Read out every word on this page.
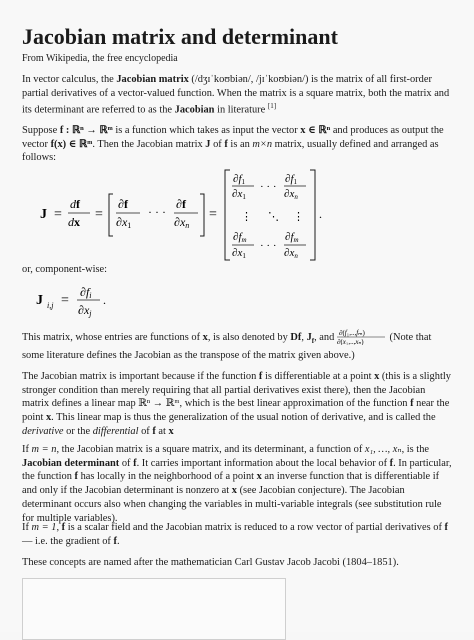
Jacobian matrix and determinant
From Wikipedia, the free encyclopedia

In vector calculus, the Jacobian matrix (/dʒɪˈkoʊbiən/, /jɪˈkoʊbiən/) is the matrix of all first-order partial derivatives of a vector-valued function. When the matrix is a square matrix, both the matrix and its determinant are referred to as the Jacobian in literature [1]

Suppose f : ℝⁿ → ℝᵐ is a function which takes as input the vector x ∈ ℝⁿ and produces as output the vector f(x) ∈ ℝᵐ. Then the Jacobian matrix J of f is an m×n matrix, usually defined and arranged as follows:

J =
df
dx =
∂f
∂x1
· · ·
∂f
∂xn
=
∂f1
∂x1
· · ·
∂f1
∂xn
⋮ ⋱ ⋮
∂fm
∂x1
· · ·
∂fm
∂xn
.

or, component-wise:

J i,j =
∂fi
∂xj
.

This matrix, whose entries are functions of x, is also denoted by Df, $J_f$, and ∂(f₁,..,fₘ)
∂(x₁,..,xₙ) (Note that some literature defines the Jacobian as the transpose of the matrix given above.)

The Jacobian matrix is important because if the function f is differentiable at a point x (this is a slightly stronger condition than merely requiring that all partial derivatives exist there), then the Jacobian matrix defines a linear map ℝⁿ → ℝᵐ, which is the best linear approximation of the function f near the point x. This linear map is thus the generalization of the usual notion of derivative, and is called the derivative or the differential of f at x

If m = n, the Jacobian matrix is a square matrix, and its determinant, a function of x₁, …, xₙ, is the Jacobian determinant of f. It carries important information about the local behavior of f. In particular, the function f has locally in the neighborhood of a point x an inverse function that is differentiable if and only if the Jacobian determinant is nonzero at x (see Jacobian conjecture). The Jacobian determinant occurs also when changing the variables in multi-variable integrals (see substitution rule for multiple variables).

If m = 1, f is a scalar field and the Jacobian matrix is reduced to a row vector of partial derivatives of f— i.e. the gradient of f.

These concepts are named after the mathematician Carl Gustav Jacob Jacobi (1804–1851).
